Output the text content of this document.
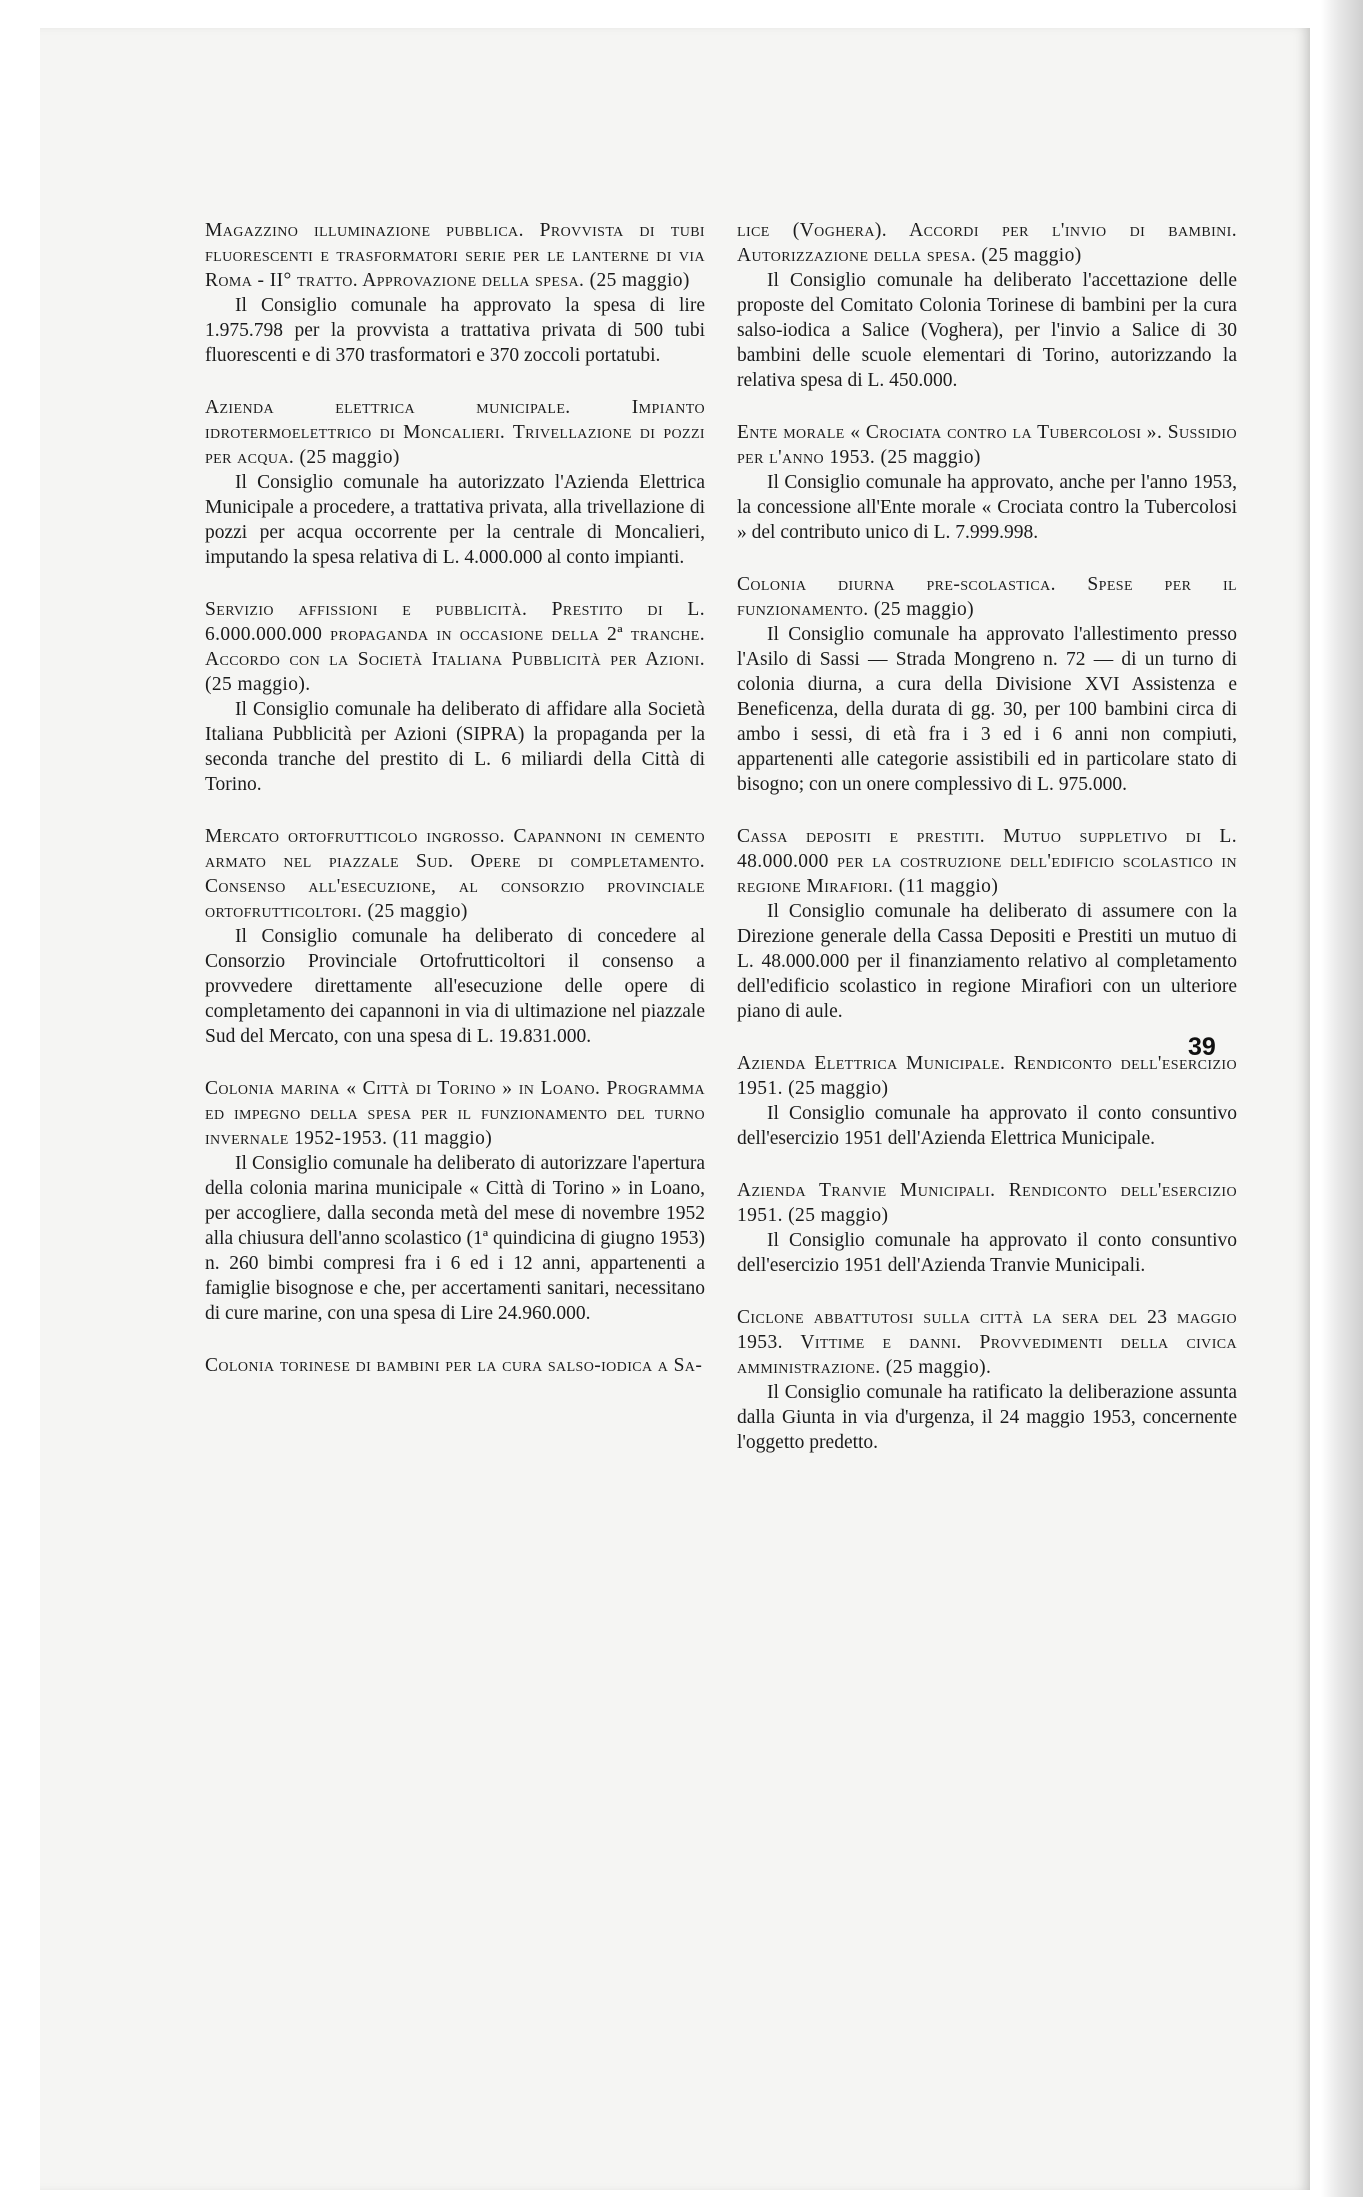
Magazzino illuminazione pubblica. Provvista di tubi fluorescenti e trasformatori serie per le lanterne di via Roma - II° tratto. Approvazione della spesa. (25 maggio)

Il Consiglio comunale ha approvato la spesa di lire 1.975.798 per la provvista a trattativa privata di 500 tubi fluorescenti e di 370 trasformatori e 370 zoccoli portatubi.

Azienda elettrica municipale. Impianto idrotermoelettrico di Moncalieri. Trivellazione di pozzi per acqua. (25 maggio)

Il Consiglio comunale ha autorizzato l'Azienda Elettrica Municipale a procedere, a trattativa privata, alla trivellazione di pozzi per acqua occorrente per la centrale di Moncalieri, imputando la spesa relativa di L. 4.000.000 al conto impianti.

Servizio affissioni e pubblicità. Prestito di L. 6.000.000.000 propaganda in occasione della 2ª tranche. Accordo con la Società Italiana Pubblicità per Azioni. (25 maggio).

Il Consiglio comunale ha deliberato di affidare alla Società Italiana Pubblicità per Azioni (SIPRA) la propaganda per la seconda tranche del prestito di L. 6 miliardi della Città di Torino.

Mercato ortofrutticolo ingrosso. Capannoni in cemento armato nel piazzale Sud. Opere di completamento. Consenso all'esecuzione, al consorzio provinciale ortofrutticoltori. (25 maggio)

Il Consiglio comunale ha deliberato di concedere al Consorzio Provinciale Ortofrutticoltori il consenso a provvedere direttamente all'esecuzione delle opere di completamento dei capannoni in via di ultimazione nel piazzale Sud del Mercato, con una spesa di L. 19.831.000.

Colonia marina « Città di Torino » in Loano. Programma ed impegno della spesa per il funzionamento del turno invernale 1952-1953. (11 maggio)

Il Consiglio comunale ha deliberato di autorizzare l'apertura della colonia marina municipale « Città di Torino » in Loano, per accogliere, dalla seconda metà del mese di novembre 1952 alla chiusura dell'anno scolastico (1ª quindicina di giugno 1953) n. 260 bimbi compresi fra i 6 ed i 12 anni, appartenenti a famiglie bisognose e che, per accertamenti sanitari, necessitano di cure marine, con una spesa di Lire 24.960.000.

Colonia torinese di bambini per la cura salso-iodica a Sa-

lice (Voghera). Accordi per l'invio di bambini. Autorizzazione della spesa. (25 maggio)

Il Consiglio comunale ha deliberato l'accettazione delle proposte del Comitato Colonia Torinese di bambini per la cura salso-iodica a Salice (Voghera), per l'invio a Salice di 30 bambini delle scuole elementari di Torino, autorizzando la relativa spesa di L. 450.000.

Ente morale « Crociata contro la Tubercolosi ». Sussidio per l'anno 1953. (25 maggio)

Il Consiglio comunale ha approvato, anche per l'anno 1953, la concessione all'Ente morale « Crociata contro la Tubercolosi » del contributo unico di L. 7.999.998.

Colonia diurna pre-scolastica. Spese per il funzionamento. (25 maggio)

Il Consiglio comunale ha approvato l'allestimento presso l'Asilo di Sassi — Strada Mongreno n. 72 — di un turno di colonia diurna, a cura della Divisione XVI Assistenza e Beneficenza, della durata di gg. 30, per 100 bambini circa di ambo i sessi, di età fra i 3 ed i 6 anni non compiuti, appartenenti alle categorie assistibili ed in particolare stato di bisogno; con un onere complessivo di L. 975.000.

Cassa depositi e prestiti. Mutuo suppletivo di L. 48.000.000 per la costruzione dell'edificio scolastico in regione Mirafiori. (11 maggio)

Il Consiglio comunale ha deliberato di assumere con la Direzione generale della Cassa Depositi e Prestiti un mutuo di L. 48.000.000 per il finanziamento relativo al completamento dell'edificio scolastico in regione Mirafiori con un ulteriore piano di aule.

Azienda Elettrica Municipale. Rendiconto dell'esercizio 1951. (25 maggio)

Il Consiglio comunale ha approvato il conto consuntivo dell'esercizio 1951 dell'Azienda Elettrica Municipale.

Azienda Tranvie Municipali. Rendiconto dell'esercizio 1951. (25 maggio)

Il Consiglio comunale ha approvato il conto consuntivo dell'esercizio 1951 dell'Azienda Tranvie Municipali.

Ciclone abbattutosi sulla città la sera del 23 maggio 1953. Vittime e danni. Provvedimenti della civica amministrazione. (25 maggio).

Il Consiglio comunale ha ratificato la deliberazione assunta dalla Giunta in via d'urgenza, il 24 maggio 1953, concernente l'oggetto predetto.

39
